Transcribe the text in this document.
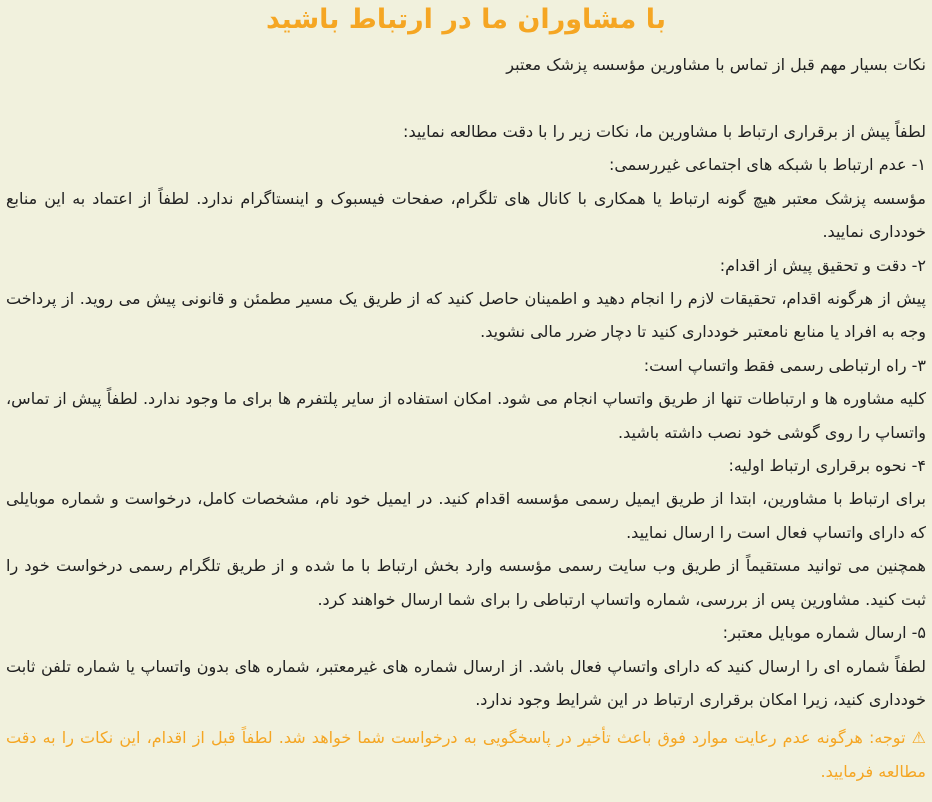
با مشاوران ما در ارتباط باشید
نکات بسیار مهم قبل از تماس با مشاورین مؤسسه پزشک معتبر

لطفاً پیش از برقراری ارتباط با مشاورین ما، نکات زیر را با دقت مطالعه نمایید:

۱- عدم ارتباط با شبکه های اجتماعی غیررسمی:

مؤسسه پزشک معتبر هیچ گونه ارتباط یا همکاری با کانال های تلگرام، صفحات فیسبوک و اینستاگرام ندارد. لطفاً از اعتماد به این منابع خودداری نمایید.

۲- دقت و تحقیق پیش از اقدام:

پیش از هرگونه اقدام، تحقیقات لازم را انجام دهید و اطمینان حاصل کنید که از طریق یک مسیر مطمئن و قانونی پیش می روید. از پرداخت وجه به افراد یا منابع نامعتبر خودداری کنید تا دچار ضرر مالی نشوید.

۳- راه ارتباطی رسمی فقط واتساپ است:

کلیه مشاوره ها و ارتباطات تنها از طریق واتساپ انجام می شود. امکان استفاده از سایر پلتفرم ها برای ما وجود ندارد. لطفاً پیش از تماس، واتساپ را روی گوشی خود نصب داشته باشید.

۴- نحوه برقراری ارتباط اولیه:

برای ارتباط با مشاورین، ابتدا از طریق ایمیل رسمی مؤسسه اقدام کنید. در ایمیل خود نام، مشخصات کامل، درخواست و شماره موبایلی که دارای واتساپ فعال است را ارسال نمایید.

همچنین می توانید مستقیماً از طریق وب سایت رسمی مؤسسه وارد بخش ارتباط با ما شده و از طریق تلگرام رسمی درخواست خود را ثبت کنید. مشاورین پس از بررسی، شماره واتساپ ارتباطی را برای شما ارسال خواهند کرد.

۵- ارسال شماره موبایل معتبر:

لطفاً شماره ای را ارسال کنید که دارای واتساپ فعال باشد. از ارسال شماره های غیرمعتبر، شماره های بدون واتساپ یا شماره تلفن ثابت خودداری کنید، زیرا امکان برقراری ارتباط در این شرایط وجود ندارد.

⚠ توجه: هرگونه عدم رعایت موارد فوق باعث تأخیر در پاسخگویی به درخواست شما خواهد شد. لطفاً قبل از اقدام، این نکات را به دقت مطالعه فرمایید.
